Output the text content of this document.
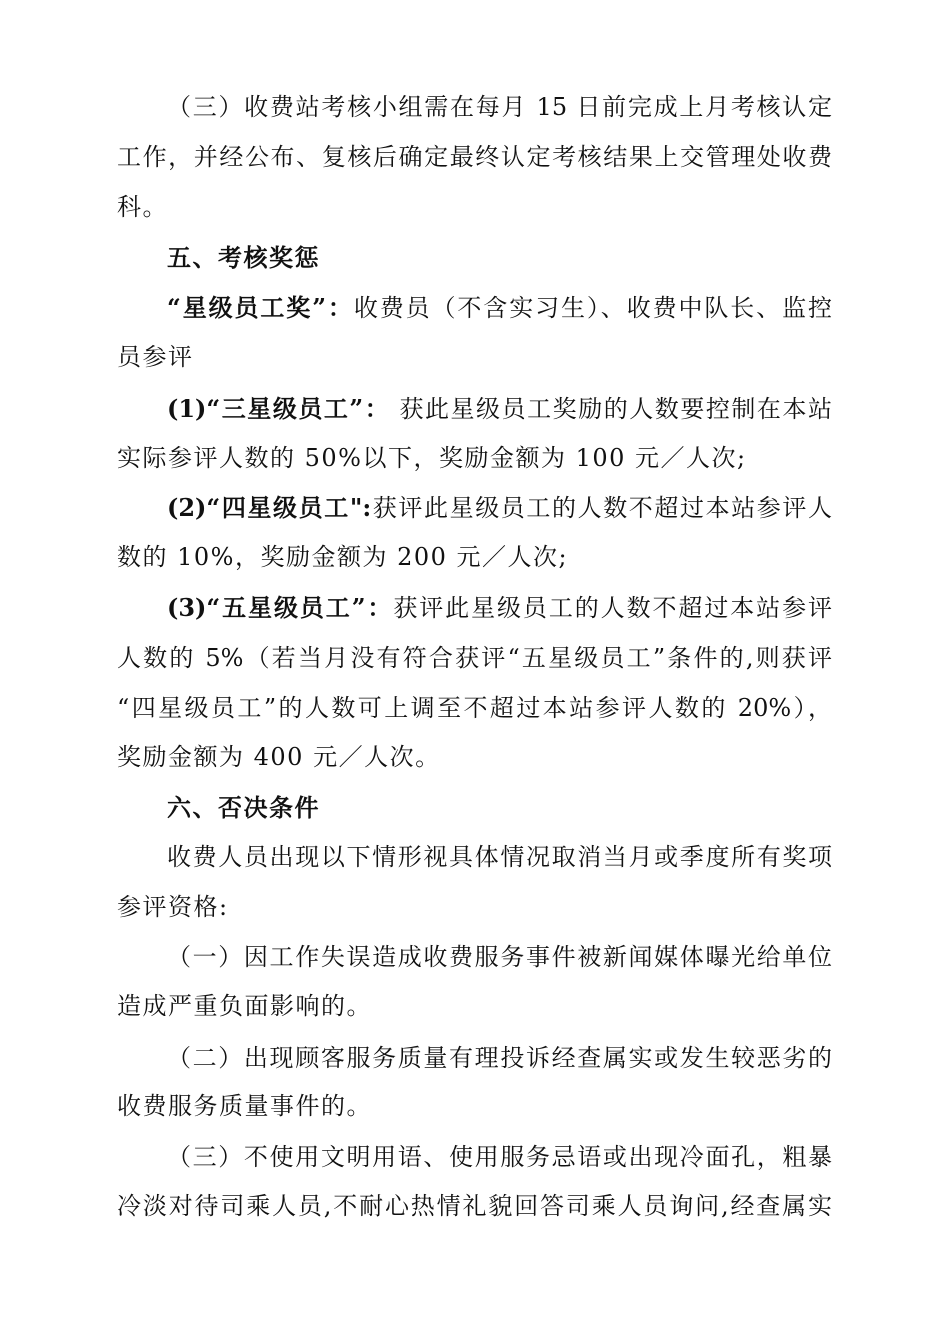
（三）收费站考核小组需在每月 15 日前完成上月考核认定
工作，并经公布、复核后确定最终认定考核结果上交管理处收费
科。
五、考核奖惩
“星级员工奖”：收费员（不含实习生）、收费中队长、监控
员参评
(1)“三星级员工”： 获此星级员工奖励的人数要控制在本站
实际参评人数的 50%以下，奖励金额为 100 元／人次;
(2)“四星级员工":获评此星级员工的人数不超过本站参评人
数的 10%，奖励金额为 200 元／人次;
(3)“五星级员工”：获评此星级员工的人数不超过本站参评
人数的 5%（若当月没有符合获评“五星级员工”条件的,则获评
“四星级员工”的人数可上调至不超过本站参评人数的 20%），
奖励金额为 400 元／人次。
六、否决条件
收费人员出现以下情形视具体情况取消当月或季度所有奖项
参评资格:
（一）因工作失误造成收费服务事件被新闻媒体曝光给单位
造成严重负面影响的。
（二）出现顾客服务质量有理投诉经查属实或发生较恶劣的
收费服务质量事件的。
（三）不使用文明用语、使用服务忌语或出现冷面孔，粗暴
冷淡对待司乘人员,不耐心热情礼貌回答司乘人员询问,经查属实
